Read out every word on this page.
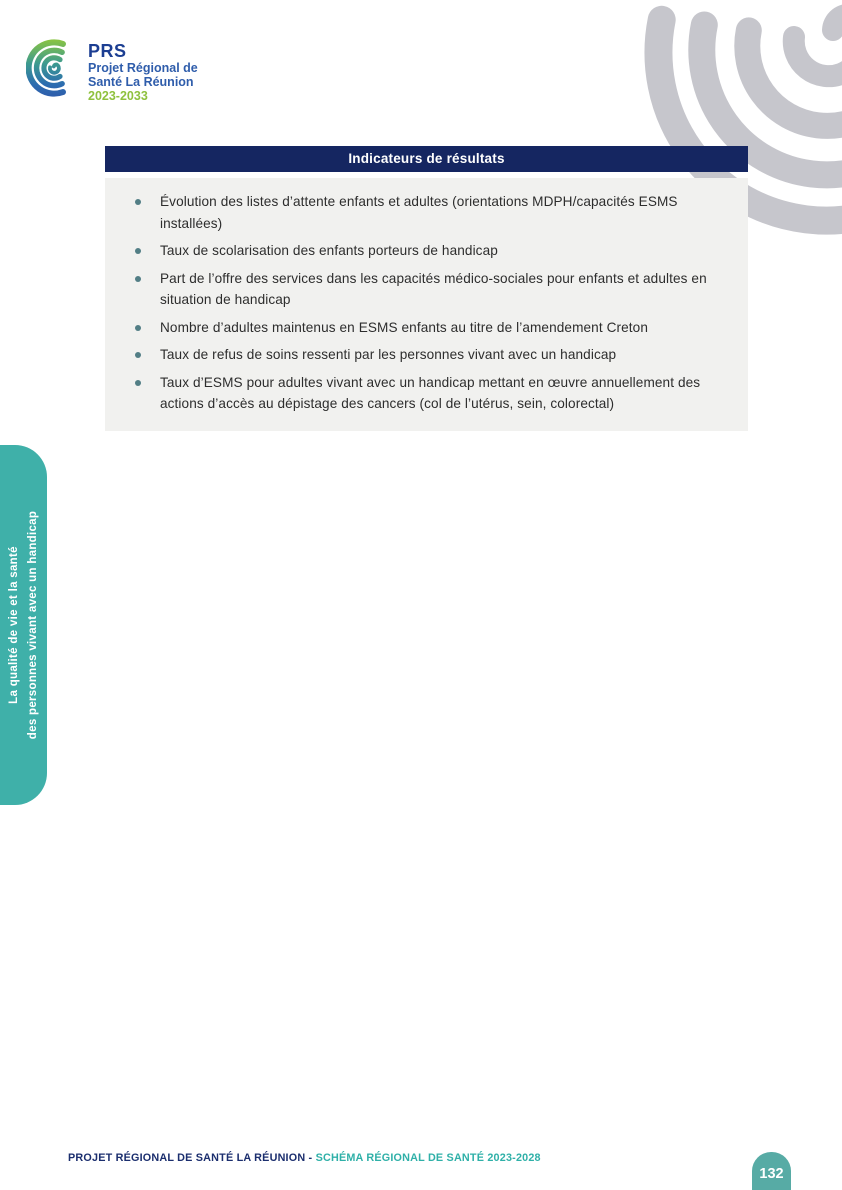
PRS
Projet Régional de
Santé La Réunion
2023-2033
Indicateurs de résultats
Évolution des listes d’attente enfants et adultes (orientations MDPH/capacités ESMS installées)
Taux de scolarisation des enfants porteurs de handicap
Part de l’offre des services dans les capacités médico-sociales pour enfants et adultes en situation de handicap
Nombre d’adultes maintenus en ESMS enfants au titre de l’amendement Creton
Taux de refus de soins ressenti par les personnes vivant avec un handicap
Taux d’ESMS pour adultes vivant avec un handicap mettant en œuvre annuellement des actions d’accès au dépistage des cancers (col de l’utérus, sein, colorectal)
La qualité de vie et la santé des personnes vivant avec un handicap
PROJET RÉGIONAL DE SANTÉ LA RÉUNION - SCHÉMA RÉGIONAL DE SANTÉ 2023-2028
132
